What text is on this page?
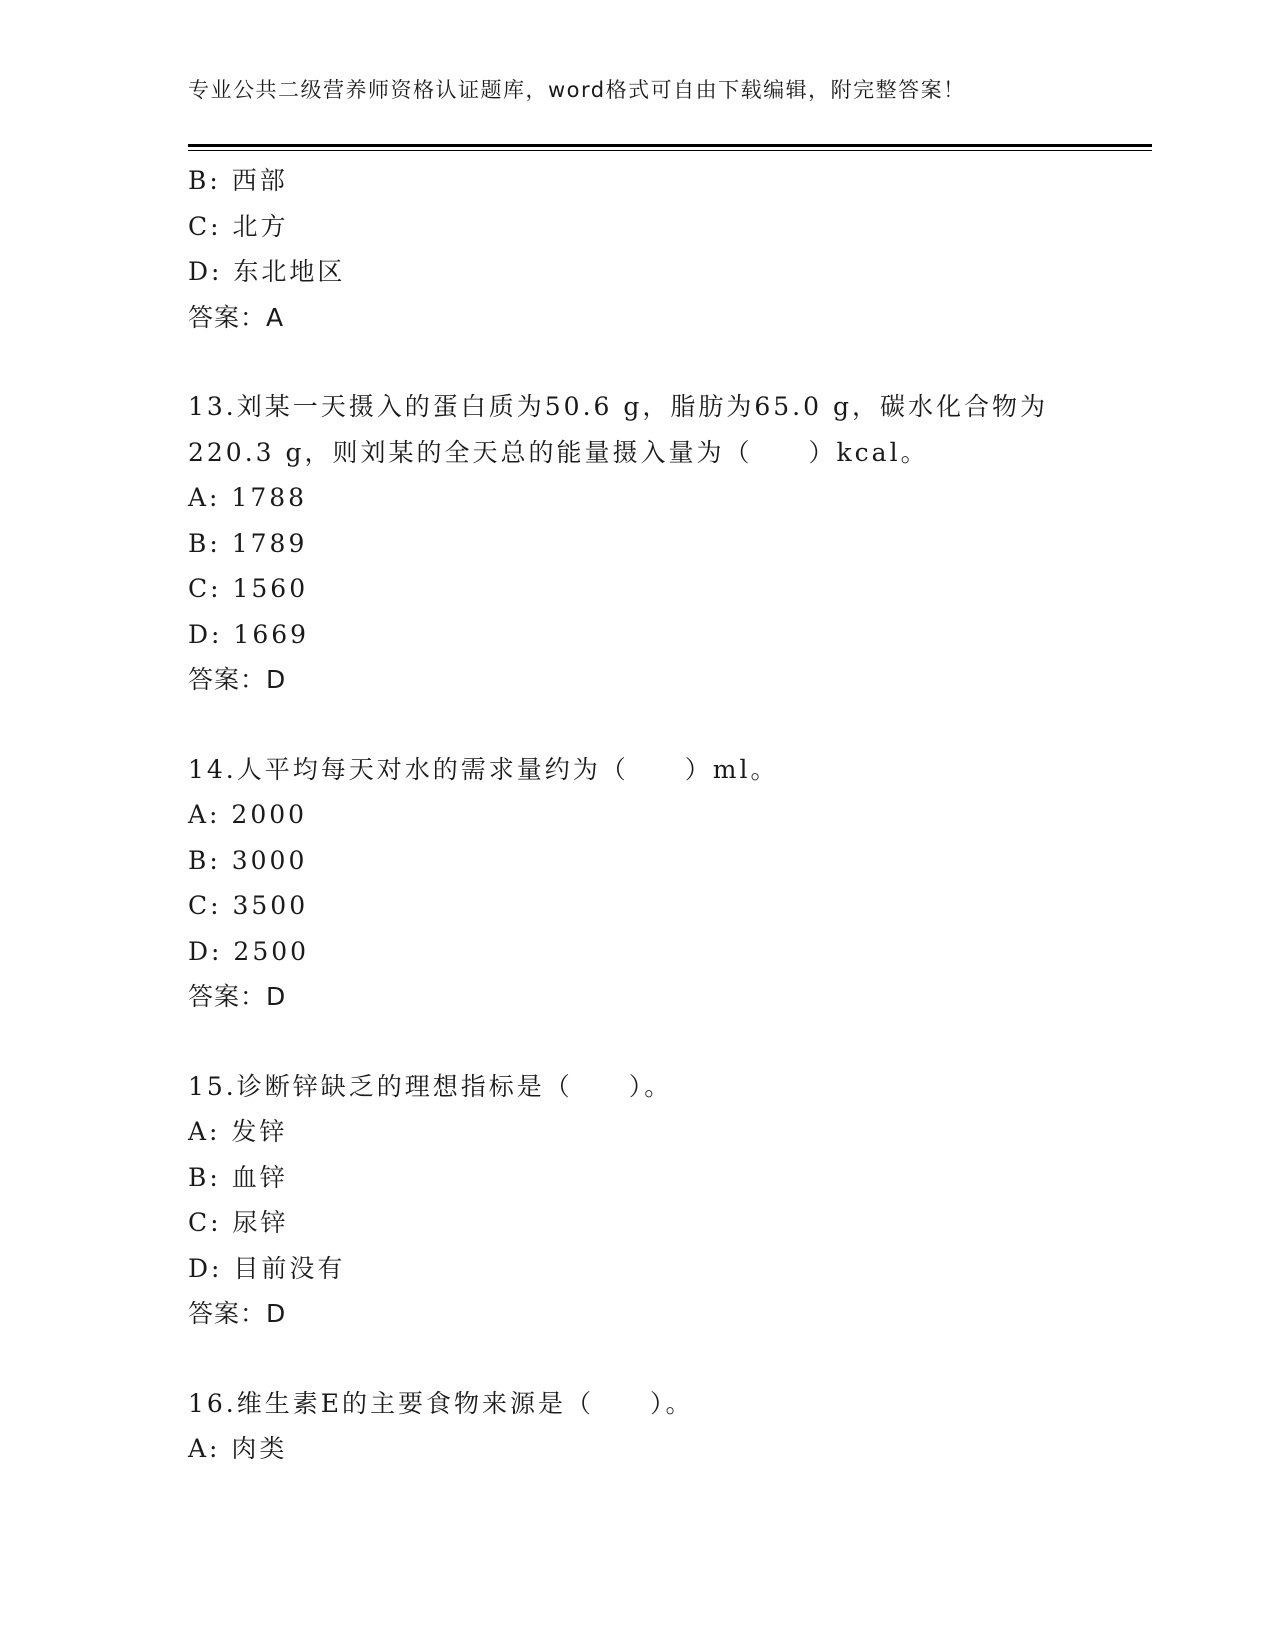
专业公共二级营养师资格认证题库，word格式可自由下载编辑，附完整答案！
B: 西部
C: 北方
D: 东北地区
答案：A
13.刘某一天摄入的蛋白质为50.6 g，脂肪为65.0 g，碳水化合物为
220.3 g，则刘某的全天总的能量摄入量为（　　）kcal。
A: 1788
B: 1789
C: 1560
D: 1669
答案：D
14.人平均每天对水的需求量约为（　　）ml。
A: 2000
B: 3000
C: 3500
D: 2500
答案：D
15.诊断锌缺乏的理想指标是（　　）。
A: 发锌
B: 血锌
C: 尿锌
D: 目前没有
答案：D
16.维生素E的主要食物来源是（　　）。
A: 肉类
